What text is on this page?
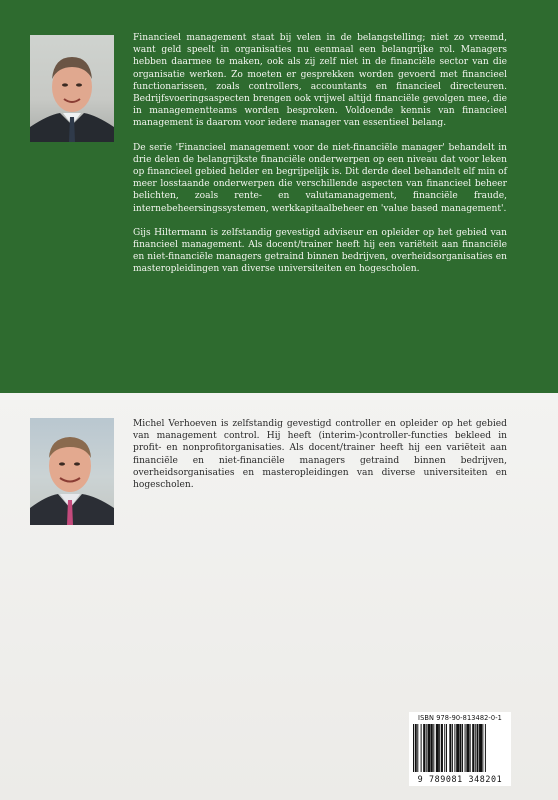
Financieel management staat bij velen in de belangstelling; niet zo vreemd, want geld speelt in organisaties nu eenmaal een belangrijke rol. Managers hebben daarmee te maken, ook als zij zelf niet in de financiële sector van die organisatie werken. Zo moeten er gesprekken worden gevoerd met financieel functionarissen, zoals controllers, accountants en financieel directeuren. Bedrijfsvoeringsaspecten brengen ook vrijwel altijd financiële gevolgen mee, die in managementteams worden besproken. Voldoende kennis van financieel management is daarom voor iedere manager van essentieel belang.

De serie 'Financieel management voor de niet-financiële manager' behandelt in drie delen de belangrijkste financiële onderwerpen op een niveau dat voor leken op financieel gebied helder en begrijpelijk is. Dit derde deel behandelt elf min of meer losstaande onderwerpen die verschillende aspecten van financieel beheer belichten, zoals rente- en valutamanagement, financiële fraude, internebeheersingssystemen, werkkapitaalbeheer en 'value based management'.

Gijs Hiltermann is zelfstandig gevestigd adviseur en opleider op het gebied van financieel management. Als docent/trainer heeft hij een variëteit aan financiële en niet-financiële managers getraind binnen bedrijven, overheidsorganisaties en masteropleidingen van diverse universiteiten en hogescholen.

Michel Verhoeven is zelfstandig gevestigd controller en opleider op het gebied van management control. Hij heeft (interim-)controller-functies bekleed in profit- en nonprofitorganisaties. Als docent/trainer heeft hij een variëteit aan financiële en niet-financiële managers getraind binnen bedrijven, overheidsorganisaties en masteropleidingen van diverse universiteiten en hogescholen.

ISBN 978-90-813482-0-1
9 789081 348201
